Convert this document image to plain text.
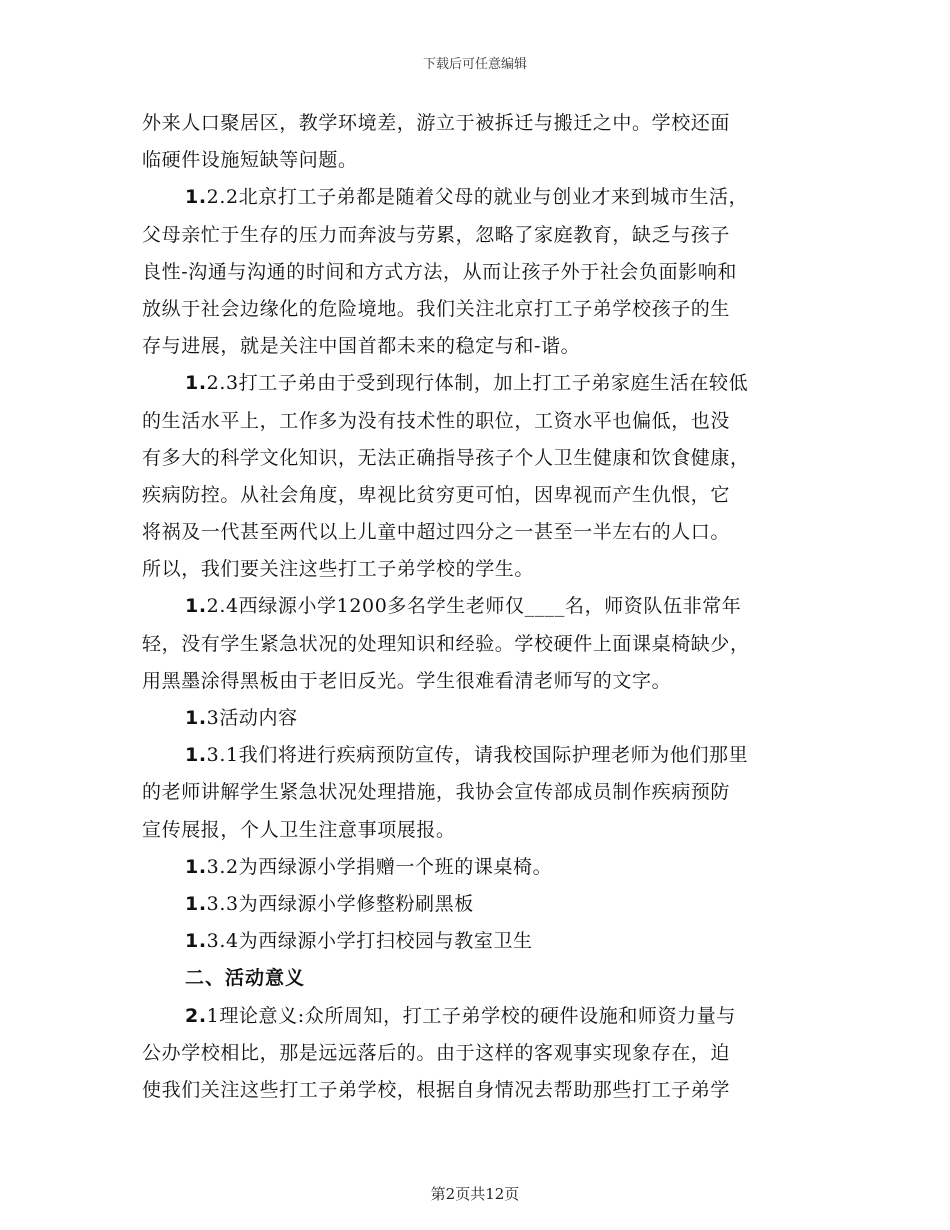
下载后可任意编辑
外来人口聚居区，教学环境差，游立于被拆迁与搬迁之中。学校还面
临硬件设施短缺等问题。
1.2.2北京打工子弟都是随着父母的就业与创业才来到城市生活，
父母亲忙于生存的压力而奔波与劳累，忽略了家庭教育，缺乏与孩子
良性-沟通与沟通的时间和方式方法，从而让孩子外于社会负面影响和
放纵于社会边缘化的危险境地。我们关注北京打工子弟学校孩子的生
存与进展，就是关注中国首都未来的稳定与和-谐。
1.2.3打工子弟由于受到现行体制，加上打工子弟家庭生活在较低
的生活水平上，工作多为没有技术性的职位，工资水平也偏低，也没
有多大的科学文化知识，无法正确指导孩子个人卫生健康和饮食健康，
疾病防控。从社会角度，卑视比贫穷更可怕，因卑视而产生仇恨，它
将祸及一代甚至两代以上儿童中超过四分之一甚至一半左右的人口。
所以，我们要关注这些打工子弟学校的学生。
1.2.4西绿源小学1200多名学生老师仅____名，师资队伍非常年
轻，没有学生紧急状况的处理知识和经验。学校硬件上面课桌椅缺少，
用黑墨涂得黑板由于老旧反光。学生很难看清老师写的文字。
1.3活动内容
1.3.1我们将进行疾病预防宣传，请我校国际护理老师为他们那里
的老师讲解学生紧急状况处理措施，我协会宣传部成员制作疾病预防
宣传展报，个人卫生注意事项展报。
1.3.2为西绿源小学捐赠一个班的课桌椅。
1.3.3为西绿源小学修整粉刷黑板
1.3.4为西绿源小学打扫校园与教室卫生
二、活动意义
2.1理论意义:众所周知，打工子弟学校的硬件设施和师资力量与
公办学校相比，那是远远落后的。由于这样的客观事实现象存在，迫
使我们关注这些打工子弟学校，根据自身情况去帮助那些打工子弟学
第2页共12页
